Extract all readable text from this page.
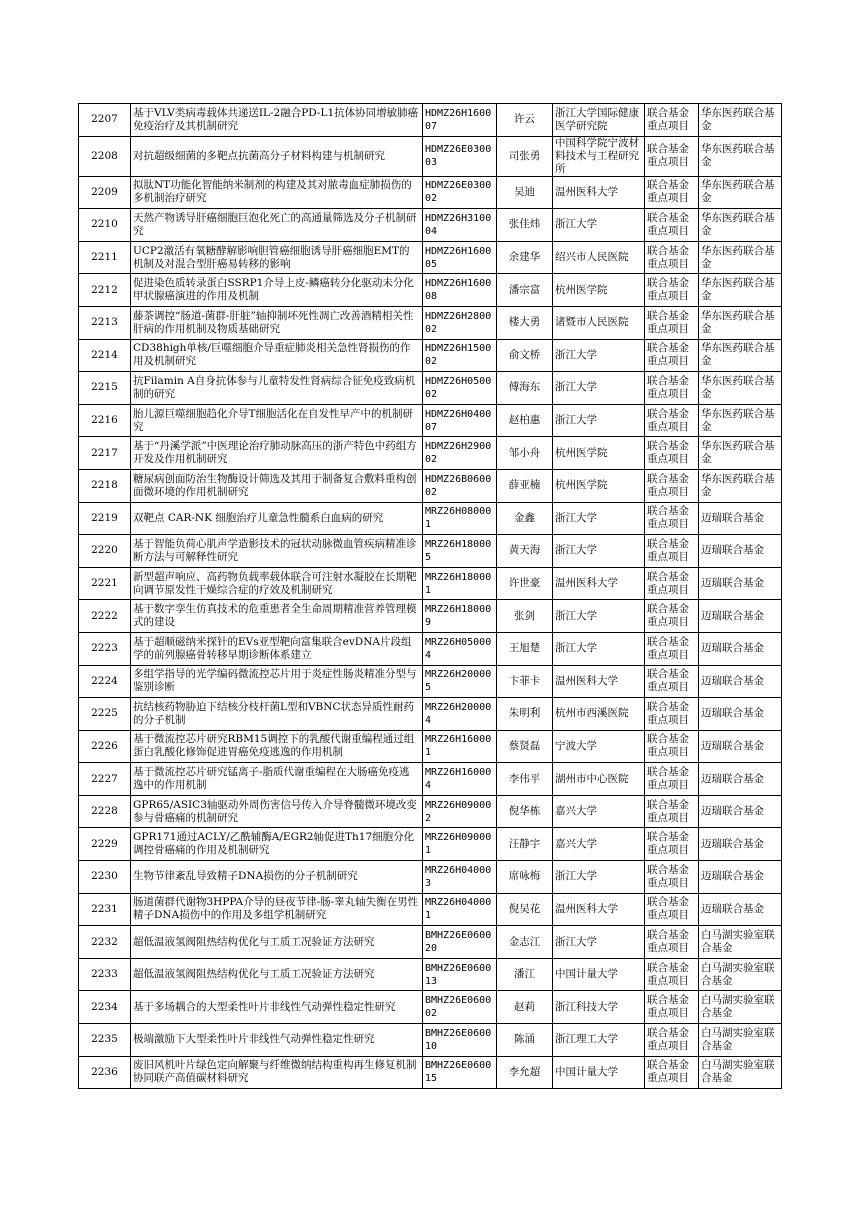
2207	基于VLV类病毒载体共递送IL-2融合PD-L1抗体协同增敏肺癌免疫治疗及其机制研究	HDMZ26H160007	许云	浙江大学国际健康医学研究院	联合基金重点项目	华东医药联合基金
2208	对抗超级细菌的多靶点抗菌高分子材料构建与机制研究	HDMZ26E030003	司张勇	中国科学院宁波材料技术与工程研究所	联合基金重点项目	华东医药联合基金
2209	拟肽NT功能化智能纳米制剂的构建及其对脓毒血症肺损伤的多机制治疗研究	HDMZ26E030002	吴迪	温州医科大学	联合基金重点项目	华东医药联合基金
2210	天然产物诱导肝癌细胞巨泡化死亡的高通量筛选及分子机制研究	HDMZ26H310004	张佳炜	浙江大学	联合基金重点项目	华东医药联合基金
2211	UCP2激活有氧糖酵解影响胆管癌细胞诱导肝癌细胞EMT的机制及对混合型肝癌易转移的影响	HDMZ26H160005	余建华	绍兴市人民医院	联合基金重点项目	华东医药联合基金
2212	促进染色质转录蛋白SSRP1介导上皮-鳞癌转分化驱动未分化甲状腺癌演进的作用及机制	HDMZ26H160008	潘宗富	杭州医学院	联合基金重点项目	华东医药联合基金
2213	藤茶调控“肠道-菌群-肝脏”轴抑制坏死性凋亡改善酒精相关性肝病的作用机制及物质基础研究	HDMZ26H280002	楼大勇	诸暨市人民医院	联合基金重点项目	华东医药联合基金
2214	CD38high单核/巨噬细胞介导重症肺炎相关急性肾损伤的作用及机制研究	HDMZ26H150002	俞文桥	浙江大学	联合基金重点项目	华东医药联合基金
2215	抗Filamin A自身抗体参与儿童特发性肾病综合征免疫致病机制的研究	HDMZ26H050002	傅海东	浙江大学	联合基金重点项目	华东医药联合基金
2216	胎儿源巨噬细胞趋化介导T细胞活化在自发性早产中的机制研究	HDMZ26H040007	赵柏惠	浙江大学	联合基金重点项目	华东医药联合基金
2217	基于“丹溪学派”中医理论治疗肺动脉高压的浙产特色中药组方开发及作用机制研究	HDMZ26H290002	邹小舟	杭州医学院	联合基金重点项目	华东医药联合基金
2218	糖尿病创面防治生物酶设计筛选及其用于制备复合敷料重构创面微环境的作用机制研究	HDMZ26B060002	薛亚楠	杭州医学院	联合基金重点项目	华东医药联合基金
2219	双靶点 CAR-NK 细胞治疗儿童急性髓系白血病的研究	MRZ26H080001	金鑫	浙江大学	联合基金重点项目	迈瑞联合基金
2220	基于智能负荷心肌声学造影技术的冠状动脉微血管疾病精准诊断方法与可解释性研究	MRZ26H180005	黄天海	浙江大学	联合基金重点项目	迈瑞联合基金
2221	新型超声响应、高药物负载率载体联合可注射水凝胶在长期靶向调节原发性干燥综合症的疗效及机制研究	MRZ26H180001	许世豪	温州医科大学	联合基金重点项目	迈瑞联合基金
2222	基于数字孪生仿真技术的危重患者全生命周期精准营养管理模式的建设	MRZ26H180009	张剑	浙江大学	联合基金重点项目	迈瑞联合基金
2223	基于超顺磁纳米探针的EVs亚型靶向富集联合evDNA片段组学的前列腺癌骨转移早期诊断体系建立	MRZ26H050004	王旭楚	浙江大学	联合基金重点项目	迈瑞联合基金
2224	多组学指导的光学编码微流控芯片用于炎症性肠炎精准分型与鉴别诊断	MRZ26H200005	卞菲卡	温州医科大学	联合基金重点项目	迈瑞联合基金
2225	抗结核药物胁迫下结核分枝杆菌L型和VBNC状态异质性耐药的分子机制	MRZ26H200004	朱明利	杭州市西溪医院	联合基金重点项目	迈瑞联合基金
2226	基于微流控芯片研究RBM15调控下的乳酸代谢重编程通过组蛋白乳酸化修饰促进胃癌免疫逃逸的作用机制	MRZ26H160001	蔡贤磊	宁波大学	联合基金重点项目	迈瑞联合基金
2227	基于微流控芯片研究锰离子-脂质代谢重编程在大肠癌免疫逃逸中的作用机制	MRZ26H160004	李伟平	湖州市中心医院	联合基金重点项目	迈瑞联合基金
2228	GPR65/ASIC3轴驱动外周伤害信号传入介导脊髓微环境改变参与骨癌痛的机制研究	MRZ26H090002	倪华栋	嘉兴大学	联合基金重点项目	迈瑞联合基金
2229	GPR171通过ACLY/乙酰辅酶A/EGR2轴促进Th17细胞分化调控骨癌痛的作用及机制研究	MRZ26H090001	汪静宇	嘉兴大学	联合基金重点项目	迈瑞联合基金
2230	生物节律紊乱导致精子DNA损伤的分子机制研究	MRZ26H040003	席咏梅	浙江大学	联合基金重点项目	迈瑞联合基金
2231	肠道菌群代谢物3HPPA介导的昼夜节律-肠-睾丸轴失衡在男性精子DNA损伤中的作用及多组学机制研究	MRZ26H040001	倪吴花	温州医科大学	联合基金重点项目	迈瑞联合基金
2232	超低温液氢阀阻热结构优化与工质工况验证方法研究	BMHZ26E060020	金志江	浙江大学	联合基金重点项目	白马湖实验室联合基金
2233	超低温液氢阀阻热结构优化与工质工况验证方法研究	BMHZ26E060013	潘江	中国计量大学	联合基金重点项目	白马湖实验室联合基金
2234	基于多场耦合的大型柔性叶片非线性气动弹性稳定性研究	BMHZ26E060002	赵莉	浙江科技大学	联合基金重点项目	白马湖实验室联合基金
2235	极端激励下大型柔性叶片非线性气动弹性稳定性研究	BMHZ26E060010	陈涌	浙江理工大学	联合基金重点项目	白马湖实验室联合基金
2236	废旧风机叶片绿色定向解聚与纤维微纳结构重构再生修复机制协同联产高值碳材料研究	BMHZ26E060015	李允超	中国计量大学	联合基金重点项目	白马湖实验室联合基金
